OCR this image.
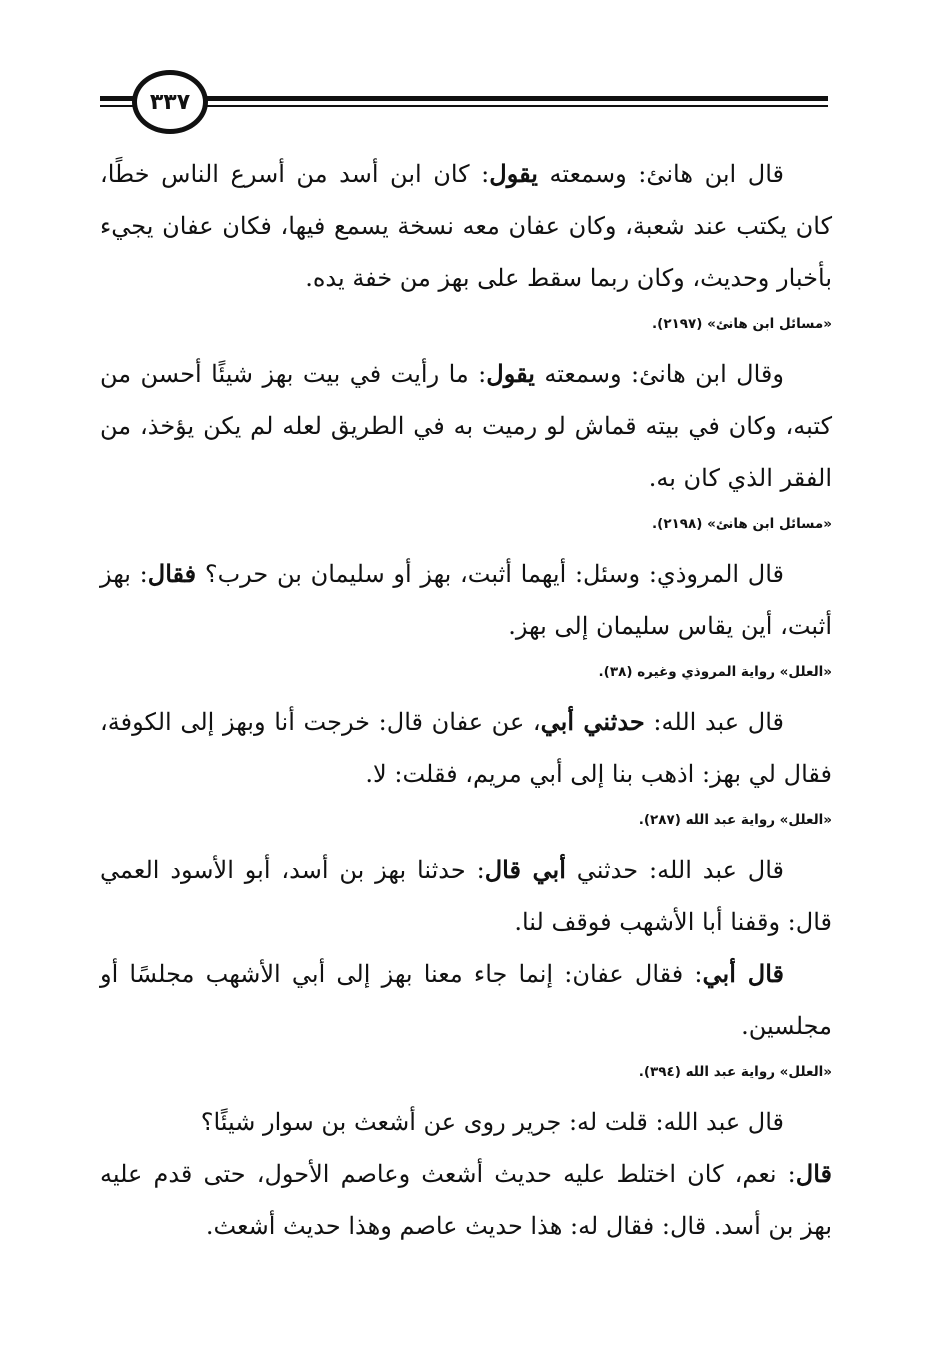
٣٣٧

قال ابن هانئ: وسمعته يقول: كان ابن أسد من أسرع الناس خطًا، كان يكتب عند شعبة، وكان عفان معه نسخة يسمع فيها، فكان عفان يجيء بأخبار وحديث، وكان ربما سقط على بهز من خفة يده.

«مسائل ابن هانئ» (٢١٩٧).

وقال ابن هانئ: وسمعته يقول: ما رأيت في بيت بهز شيئًا أحسن من كتبه، وكان في بيته قماش لو رميت به في الطريق لعله لم يكن يؤخذ، من الفقر الذي كان به.

«مسائل ابن هانئ» (٢١٩٨).

قال المروذي: وسئل: أيهما أثبت، بهز أو سليمان بن حرب؟ فقال: بهز أثبت، أين يقاس سليمان إلى بهز.

«العلل» رواية المروذي وغيره (٣٨).

قال عبد الله: حدثني أبي، عن عفان قال: خرجت أنا وبهز إلى الكوفة، فقال لي بهز: اذهب بنا إلى أبي مريم، فقلت: لا.

«العلل» رواية عبد الله (٢٨٧).

قال عبد الله: حدثني أبي قال: حدثنا بهز بن أسد، أبو الأسود العمي قال: وقفنا أبا الأشهب فوقف لنا.

قال أبي: فقال عفان: إنما جاء معنا بهز إلى أبي الأشهب مجلسًا أو مجلسين.

«العلل» رواية عبد الله (٣٩٤).

قال عبد الله: قلت له: جرير روى عن أشعث بن سوار شيئًا؟

قال: نعم، كان اختلط عليه حديث أشعث وعاصم الأحول، حتى قدم عليه بهز بن أسد. قال: فقال له: هذا حديث عاصم وهذا حديث أشعث.
